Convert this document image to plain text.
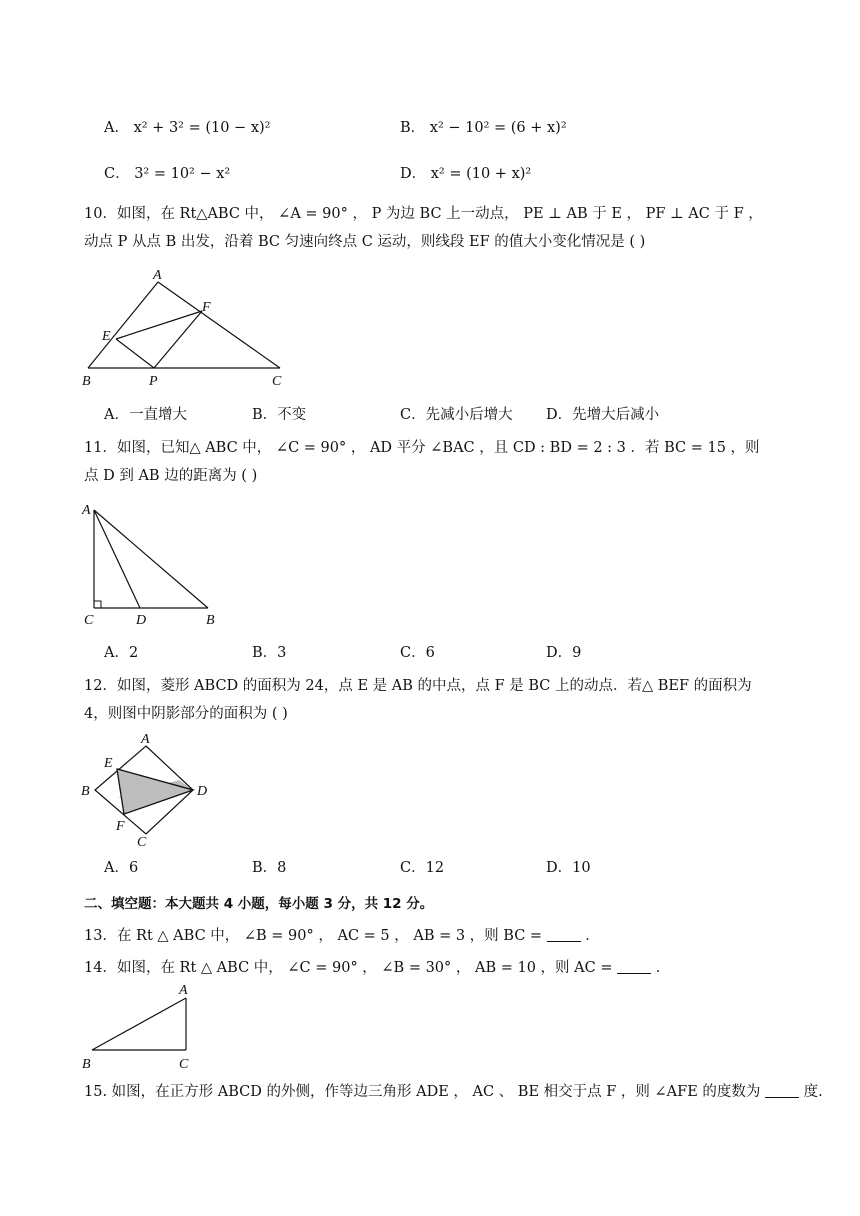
A． x² + 3² = (10 − x)²	B． x² − 10² = (6 + x)²
C． 3² = 10² − x²	D． x² = (10 + x)²
10．如图，在 Rt△ABC 中， ∠A = 90° ， P 为边 BC 上一动点， PE ⊥ AB 于 E ， PF ⊥ AC 于 F ，动点 P 从点 B 出发，沿着 BC 匀速向终点 C 运动，则线段 EF 的值大小变化情况是 ( )
A
B	C
E
F
P
A．一直增大	B．不变	C．先减小后增大 D．先增大后减小
11．如图，已知△ ABC 中， ∠C = 90° ， AD 平分 ∠BAC ，且 CD : BD = 2 : 3 ．若 BC = 15 ，则点 D 到 AB 边的距离为 ( )
A
C	D	B
A．2	B．3	C．6	D．9
12．如图，菱形 ABCD 的面积为 24，点 E 是 AB 的中点，点 F 是 BC 上的动点．若△ BEF 的面积为 4，则图中阴影部分的面积为 ( )
A
B
C
D
E
F
A．6	B．8	C．12	D．10
二、填空题：本大题共 4 小题，每小题 3 分，共 12 分。
13．在 Rt △ ABC 中， ∠B = 90° ， AC = 5 ， AB = 3 ，则 BC =	．
14．如图，在 Rt △ ABC 中， ∠C = 90° ， ∠B = 30° ， AB = 10 ，则 AC =	．
A
B	C
15. 如图，在正方形 ABCD 的外侧，作等边三角形 ADE ， AC 、 BE 相交于点 F ，则 ∠AFE 的度数为	度.
